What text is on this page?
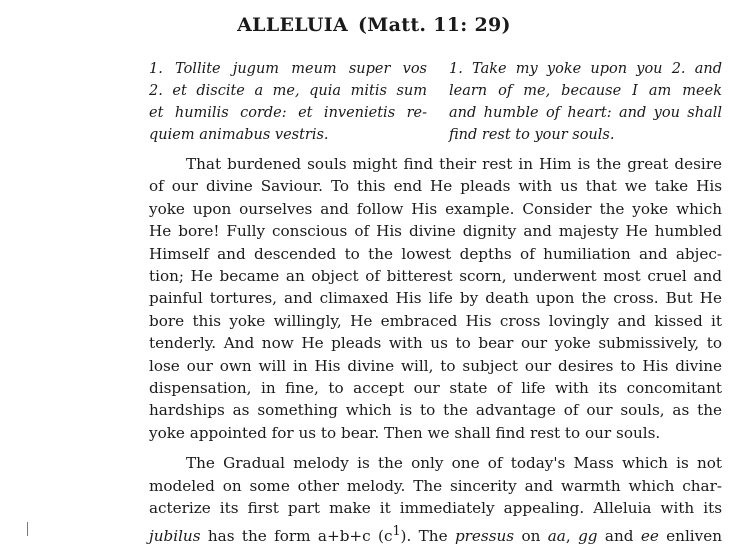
ALLELUIA (Matt. 11: 29)
1. Tollite jugum meum super vos
2. et discite a me, quia mitis sum
et humilis corde: et invenietis re-
quiem animabus vestris.
1. Take my yoke upon you 2. and
learn of me, because I am meek
and humble of heart: and you shall
find rest to your souls.
That burdened souls might find their rest in Him is the great desire
of our divine Saviour. To this end He pleads with us that we take His
yoke upon ourselves and follow His example. Consider the yoke which
He bore! Fully conscious of His divine dignity and majesty He humbled
Himself and descended to the lowest depths of humiliation and abjec-
tion; He became an object of bitterest scorn, underwent most cruel and
painful tortures, and climaxed His life by death upon the cross. But He
bore this yoke willingly, He embraced His cross lovingly and kissed it
tenderly. And now He pleads with us to bear our yoke submissively, to
lose our own will in His divine will, to subject our desires to His divine
dispensation, in fine, to accept our state of life with its concomitant
hardships as something which is to the advantage of our souls, as the
yoke appointed for us to bear. Then we shall find rest to our souls.
The Gradual melody is the only one of today's Mass which is not
modeled on some other melody. The sincerity and warmth which char-
acterize its first part make it immediately appealing. Alleluia with its
jubilus has the form a+b+c $(c^1)$. The pressus on aa, gg and ee enliven
